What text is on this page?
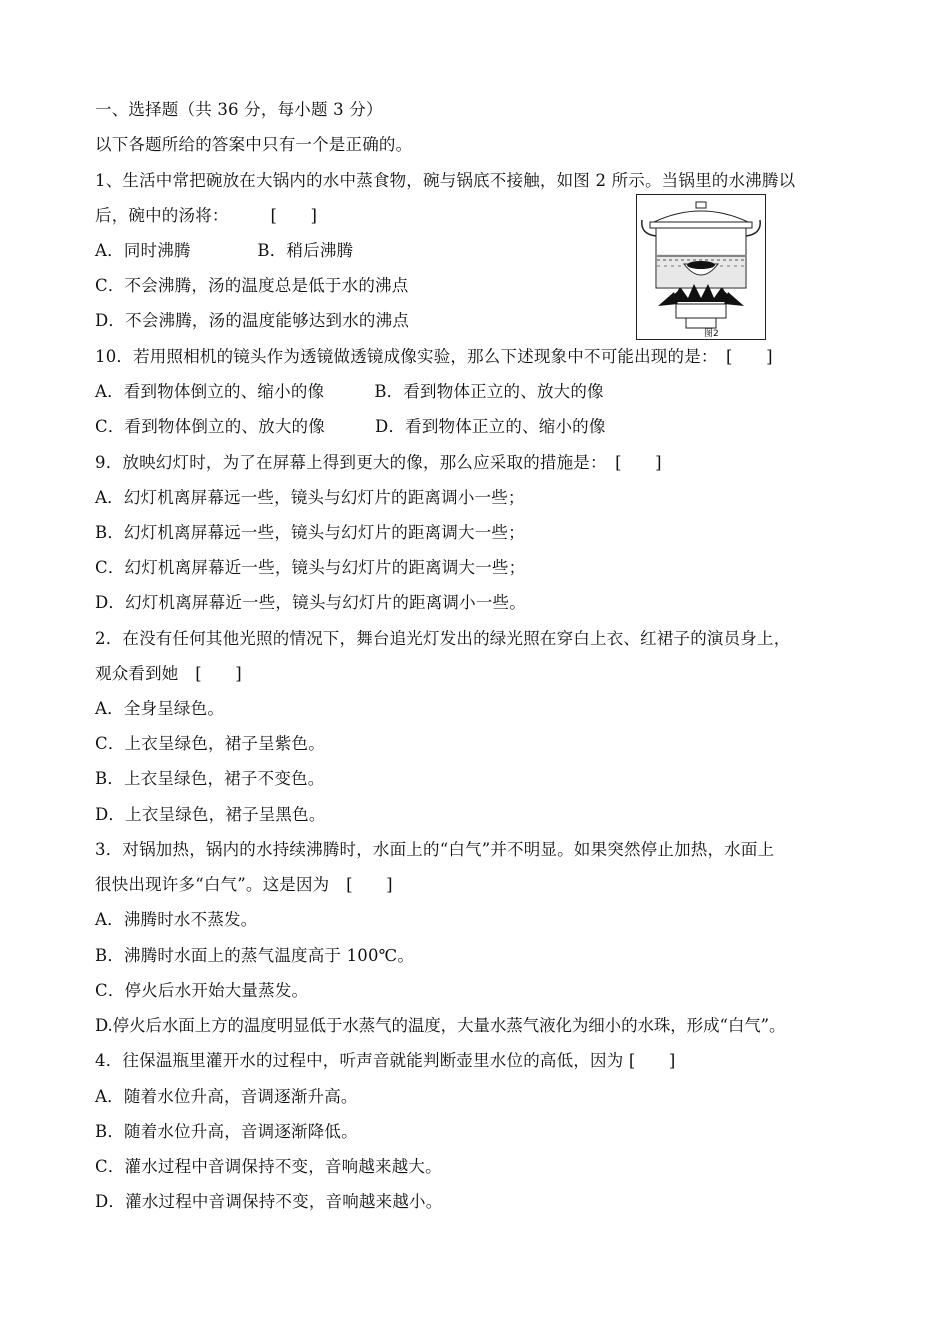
一、选择题（共 36 分，每小题 3 分）
以下各题所给的答案中只有一个是正确的。
1、生活中常把碗放在大锅内的水中蒸食物，碗与锅底不接触，如图 2 所示。当锅里的水沸腾以
后，碗中的汤将：　　　[　　]
A．同时沸腾　　　　B．稍后沸腾
C．不会沸腾，汤的温度总是低于水的沸点
D．不会沸腾，汤的温度能够达到水的沸点
图2
10．若用照相机的镜头作为透镜做透镜成像实验，那么下述现象中不可能出现的是：　[　　]
A．看到物体倒立的、缩小的像　　　B．看到物体正立的、放大的像
C．看到物体倒立的、放大的像　　　D．看到物体正立的、缩小的像
9．放映幻灯时，为了在屏幕上得到更大的像，那么应采取的措施是：　[　　]
A．幻灯机离屏幕远一些，镜头与幻灯片的距离调小一些；
B．幻灯机离屏幕远一些，镜头与幻灯片的距离调大一些；
C．幻灯机离屏幕近一些，镜头与幻灯片的距离调大一些；
D．幻灯机离屏幕近一些，镜头与幻灯片的距离调小一些。
2．在没有任何其他光照的情况下，舞台追光灯发出的绿光照在穿白上衣、红裙子的演员身上，
观众看到她　[　　]
A．全身呈绿色。
C．上衣呈绿色，裙子呈紫色。
B．上衣呈绿色，裙子不变色。
D．上衣呈绿色，裙子呈黑色。
3．对锅加热，锅内的水持续沸腾时，水面上的“白气”并不明显。如果突然停止加热，水面上
很快出现许多“白气”。这是因为　[　　]
A．沸腾时水不蒸发。
B．沸腾时水面上的蒸气温度高于 100℃。
C．停火后水开始大量蒸发。
D.停火后水面上方的温度明显低于水蒸气的温度，大量水蒸气液化为细小的水珠，形成“白气”。
4．往保温瓶里灌开水的过程中，听声音就能判断壶里水位的高低，因为 [　　]
A．随着水位升高，音调逐渐升高。
B．随着水位升高，音调逐渐降低。
C．灌水过程中音调保持不变，音响越来越大。
D．灌水过程中音调保持不变，音响越来越小。
